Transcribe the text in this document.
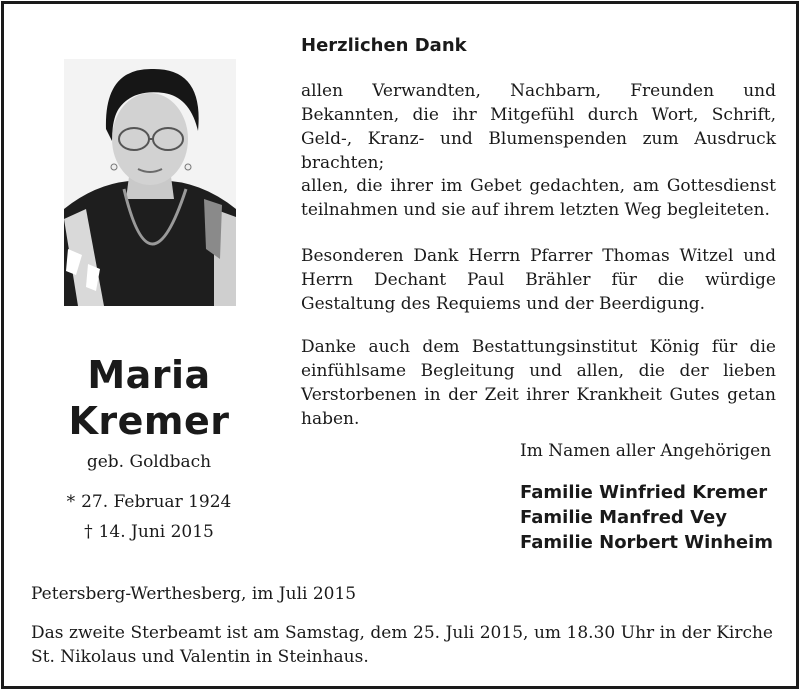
Maria
Kremer
geb. Goldbach
* 27. Februar 1924
† 14. Juni 2015
Herzlichen Dank

allen Verwandten, Nachbarn, Freunden und Bekannten, die ihr Mitgefühl durch Wort, Schrift, Geld-, Kranz- und Blumenspenden zum Ausdruck brachten;

allen, die ihrer im Gebet gedachten, am Gottesdienst teilnahmen und sie auf ihrem letzten Weg begleiteten.

Besonderen Dank Herrn Pfarrer Thomas Witzel und Herrn Dechant Paul Brähler für die würdige Gestaltung des Requiems und der Beerdigung.

Danke auch dem Bestattungsinstitut König für die einfühlsame Begleitung und allen, die der lieben Verstorbenen in der Zeit ihrer Krankheit Gutes getan haben.

Im Namen aller Angehörigen
Familie Winfried Kremer
Familie Manfred Vey
Familie Norbert Winheim
Petersberg-Werthesberg, im Juli 2015

Das zweite Sterbeamt ist am Samstag, dem 25. Juli 2015, um 18.30 Uhr in der Kirche St. Nikolaus und Valentin in Steinhaus.
